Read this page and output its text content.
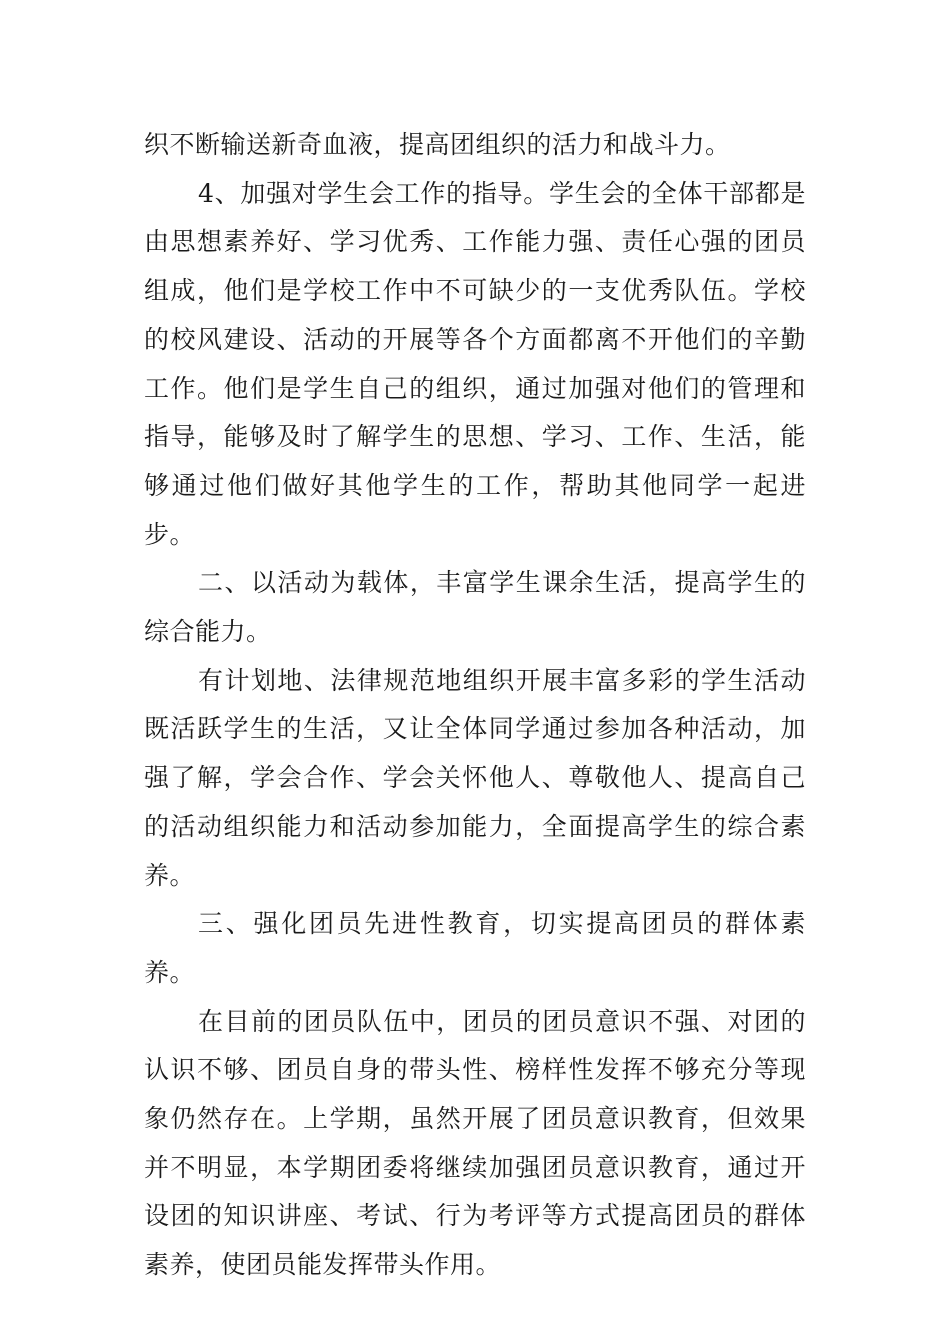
织不断输送新奇血液，提高团组织的活力和战斗力。

4、加强对学生会工作的指导。学生会的全体干部都是由思想素养好、学习优秀、工作能力强、责任心强的团员组成，他们是学校工作中不可缺少的一支优秀队伍。学校的校风建设、活动的开展等各个方面都离不开他们的辛勤工作。他们是学生自己的组织，通过加强对他们的管理和指导，能够及时了解学生的思想、学习、工作、生活，能够通过他们做好其他学生的工作，帮助其他同学一起进步。

二、以活动为载体，丰富学生课余生活，提高学生的综合能力。

有计划地、法律规范地组织开展丰富多彩的学生活动既活跃学生的生活，又让全体同学通过参加各种活动，加强了解，学会合作、学会关怀他人、尊敬他人、提高自己的活动组织能力和活动参加能力，全面提高学生的综合素养。

三、强化团员先进性教育，切实提高团员的群体素养。

在目前的团员队伍中，团员的团员意识不强、对团的认识不够、团员自身的带头性、榜样性发挥不够充分等现象仍然存在。上学期，虽然开展了团员意识教育，但效果并不明显，本学期团委将继续加强团员意识教育，通过开设团的知识讲座、考试、行为考评等方式提高团员的群体素养，使团员能发挥带头作用。
